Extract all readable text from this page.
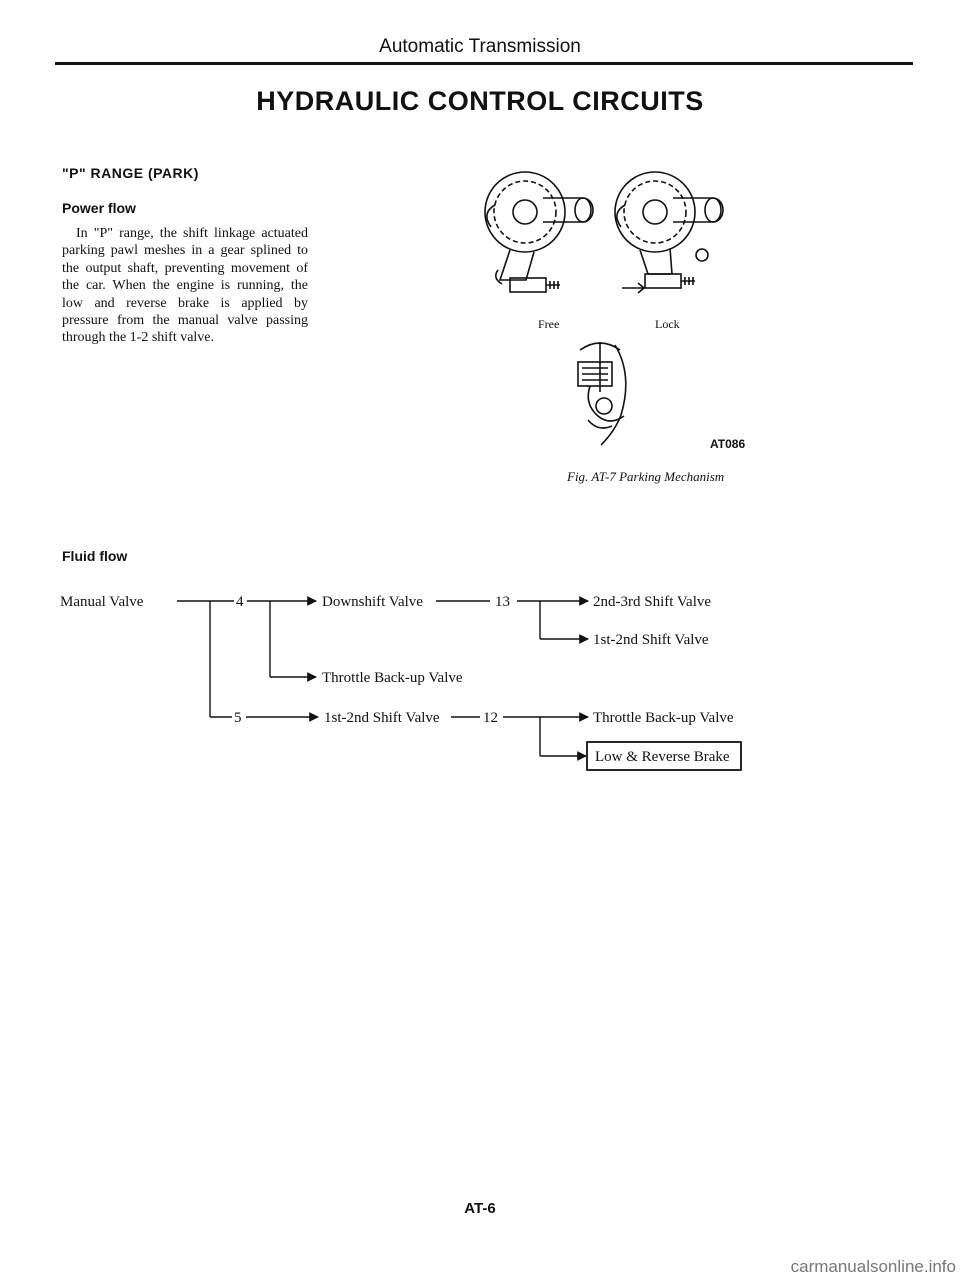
Automatic Transmission
HYDRAULIC CONTROL CIRCUITS
"P" RANGE (PARK)
Power flow
In "P" range, the shift linkage actuated parking pawl meshes in a gear splined to the output shaft, preventing movement of the car. When the engine is running, the low and reverse brake is applied by pressure from the manual valve passing through the 1-2 shift valve.
Fluid flow
Free	Lock
AT086
Fig. AT-7 Parking Mechanism
Manual Valve	4
5
Downshift Valve
Throttle Back-up Valve
1st-2nd Shift Valve
13
12
2nd-3rd Shift Valve
1st-2nd Shift Valve
Throttle Back-up Valve
Low & Reverse Brake
AT-6
carmanualsonline.info
